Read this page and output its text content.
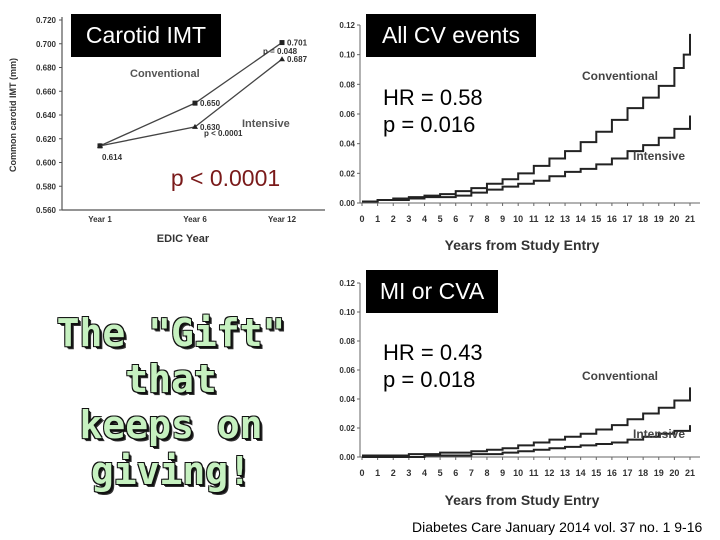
Common carotid IMT (mm)
EDIC Year
0.720
0.700
0.680
0.660
0.640
0.620
0.600
0.580
0.560
Year 1	Year 6	Year 12
Conventional
Intensive
0.614
0.650
0.630
0.701
0.687
p = 0.048
p < 0.0001
Years from Study Entry
0.12
0.10
0.08
0.06
0.04
0.02
0.00
0 1 2 3 4 5 6 7 8 9 10 11 12 13 14 15 16 17 18 19 20 21
Conventional
Intensive
Years from Study Entry
0.12
0.10
0.08
0.06
0.04
0.02
0.00
0 1 2 3 4 5 6 7 8 9 10 11 12 13 14 15 16 17 18 19 20 21
Conventional
Intensive
Carotid IMT	All CV events
MI or CVA
p < 0.0001
HR = 0.58
p = 0.016
HR = 0.43
p = 0.018
The "Gift" that
keeps on giving!
Diabetes Care January 2014 vol. 37 no. 1 9-16
